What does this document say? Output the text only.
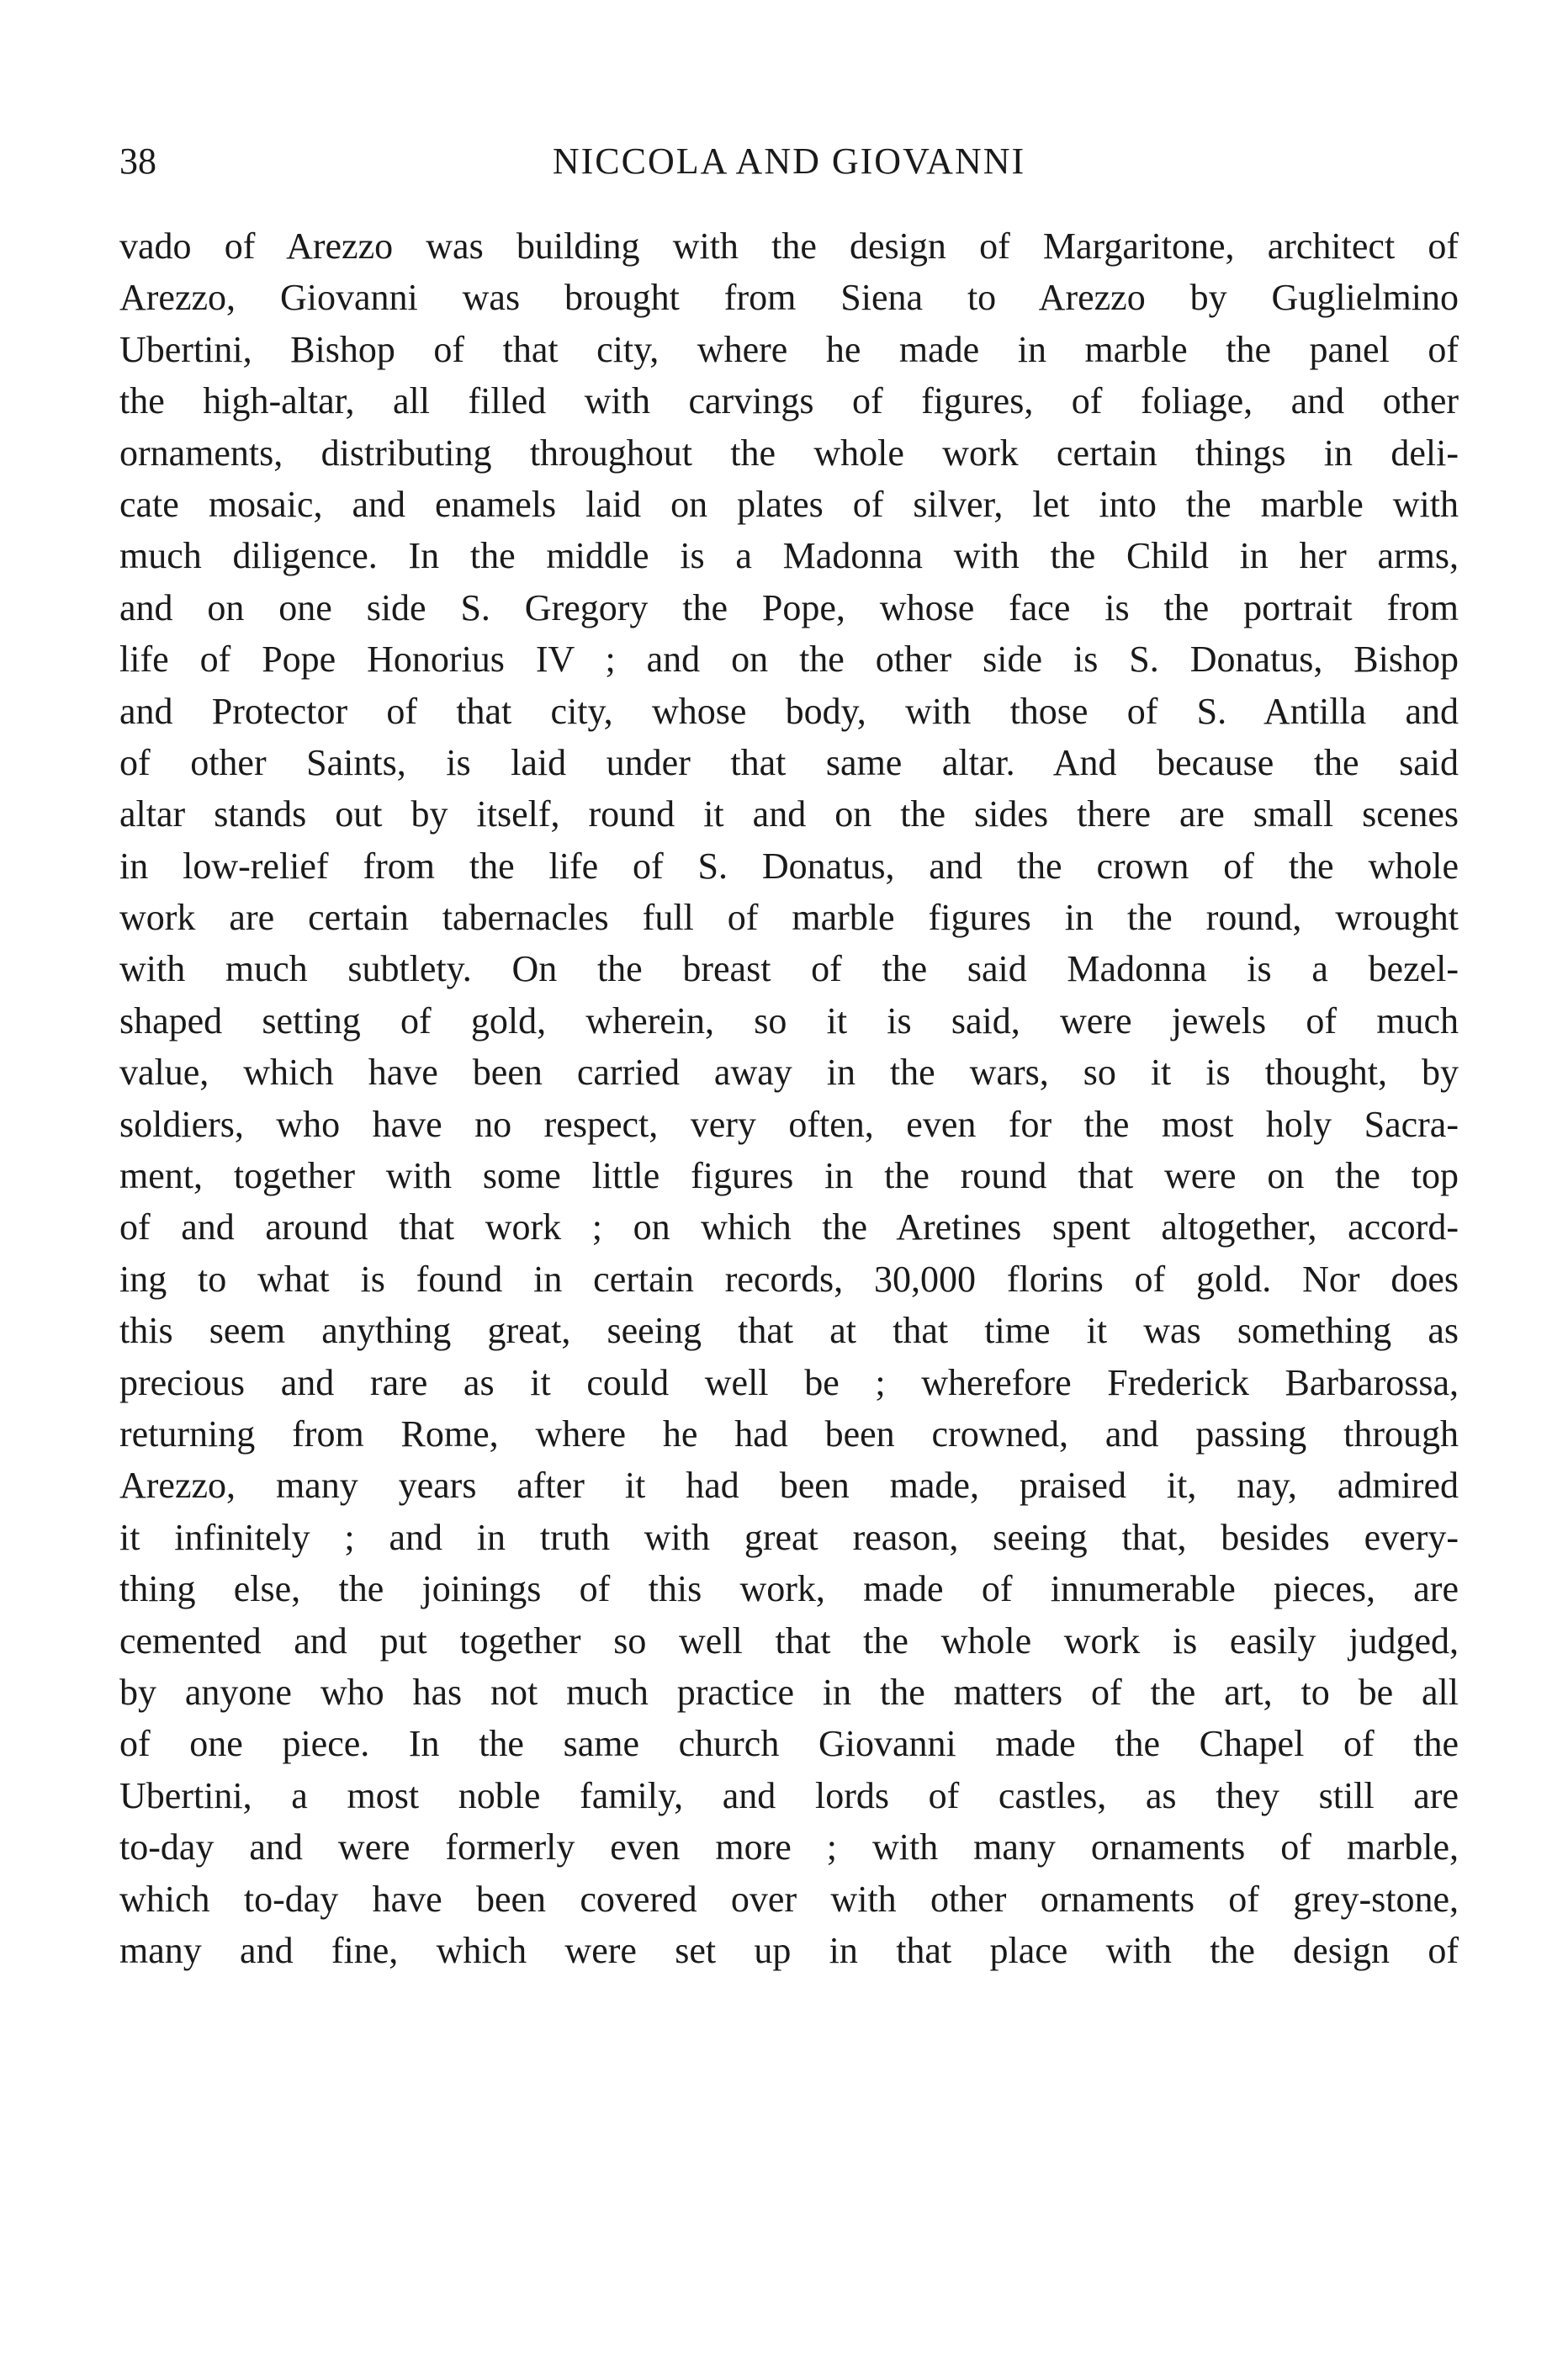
38	NICCOLA AND GIOVANNI
vado of Arezzo was building with the design of Margaritone, architect of
Arezzo, Giovanni was brought from Siena to Arezzo by Guglielmino
Ubertini, Bishop of that city, where he made in marble the panel of
the high-altar, all filled with carvings of figures, of foliage, and other
ornaments, distributing throughout the whole work certain things in deli-
cate mosaic, and enamels laid on plates of silver, let into the marble with
much diligence. In the middle is a Madonna with the Child in her arms,
and on one side S. Gregory the Pope, whose face is the portrait from
life of Pope Honorius IV ; and on the other side is S. Donatus, Bishop
and Protector of that city, whose body, with those of S. Antilla and
of other Saints, is laid under that same altar. And because the said
altar stands out by itself, round it and on the sides there are small scenes
in low-relief from the life of S. Donatus, and the crown of the whole
work are certain tabernacles full of marble figures in the round, wrought
with much subtlety. On the breast of the said Madonna is a bezel-
shaped setting of gold, wherein, so it is said, were jewels of much
value, which have been carried away in the wars, so it is thought, by
soldiers, who have no respect, very often, even for the most holy Sacra-
ment, together with some little figures in the round that were on the top
of and around that work ; on which the Aretines spent altogether, accord-
ing to what is found in certain records, 30,000 florins of gold. Nor does
this seem anything great, seeing that at that time it was something as
precious and rare as it could well be ; wherefore Frederick Barbarossa,
returning from Rome, where he had been crowned, and passing through
Arezzo, many years after it had been made, praised it, nay, admired
it infinitely ; and in truth with great reason, seeing that, besides every-
thing else, the joinings of this work, made of innumerable pieces, are
cemented and put together so well that the whole work is easily judged,
by anyone who has not much practice in the matters of the art, to be all
of one piece. In the same church Giovanni made the Chapel of the
Ubertini, a most noble family, and lords of castles, as they still are
to-day and were formerly even more ; with many ornaments of marble,
which to-day have been covered over with other ornaments of grey-stone,
many and fine, which were set up in that place with the design of
